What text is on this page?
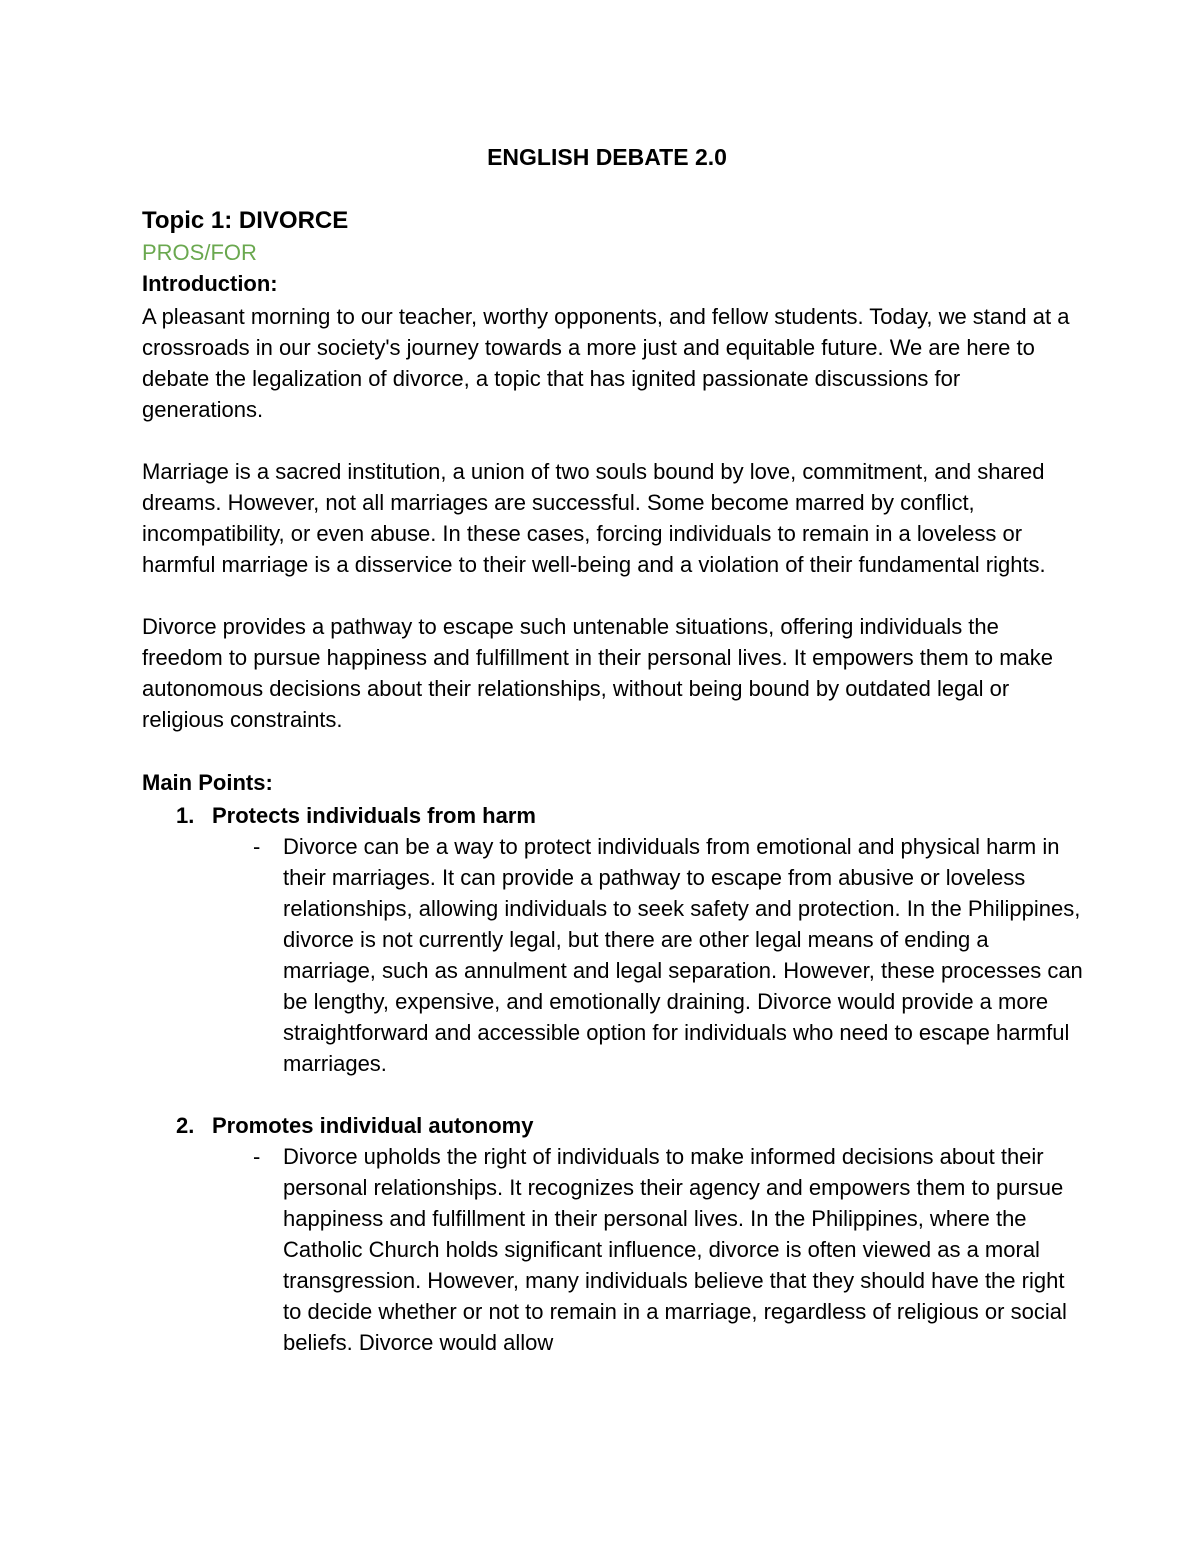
ENGLISH DEBATE 2.0
Topic 1: DIVORCE
PROS/FOR
Introduction:

A pleasant morning to our teacher, worthy opponents, and fellow students. Today, we stand at a crossroads in our society's journey towards a more just and equitable future. We are here to debate the legalization of divorce, a topic that has ignited passionate discussions for generations.

Marriage is a sacred institution, a union of two souls bound by love, commitment, and shared dreams. However, not all marriages are successful. Some become marred by conflict, incompatibility, or even abuse. In these cases, forcing individuals to remain in a loveless or harmful marriage is a disservice to their well-being and a violation of their fundamental rights.

Divorce provides a pathway to escape such untenable situations, offering individuals the freedom to pursue happiness and fulfillment in their personal lives. It empowers them to make autonomous decisions about their relationships, without being bound by outdated legal or religious constraints.

Main Points:
1. Protects individuals from harm
- Divorce can be a way to protect individuals from emotional and physical harm in their marriages. It can provide a pathway to escape from abusive or loveless relationships, allowing individuals to seek safety and protection. In the Philippines, divorce is not currently legal, but there are other legal means of ending a marriage, such as annulment and legal separation. However, these processes can be lengthy, expensive, and emotionally draining. Divorce would provide a more straightforward and accessible option for individuals who need to escape harmful marriages.
2. Promotes individual autonomy
- Divorce upholds the right of individuals to make informed decisions about their personal relationships. It recognizes their agency and empowers them to pursue happiness and fulfillment in their personal lives. In the Philippines, where the Catholic Church holds significant influence, divorce is often viewed as a moral transgression. However, many individuals believe that they should have the right to decide whether or not to remain in a marriage, regardless of religious or social beliefs. Divorce would allow
